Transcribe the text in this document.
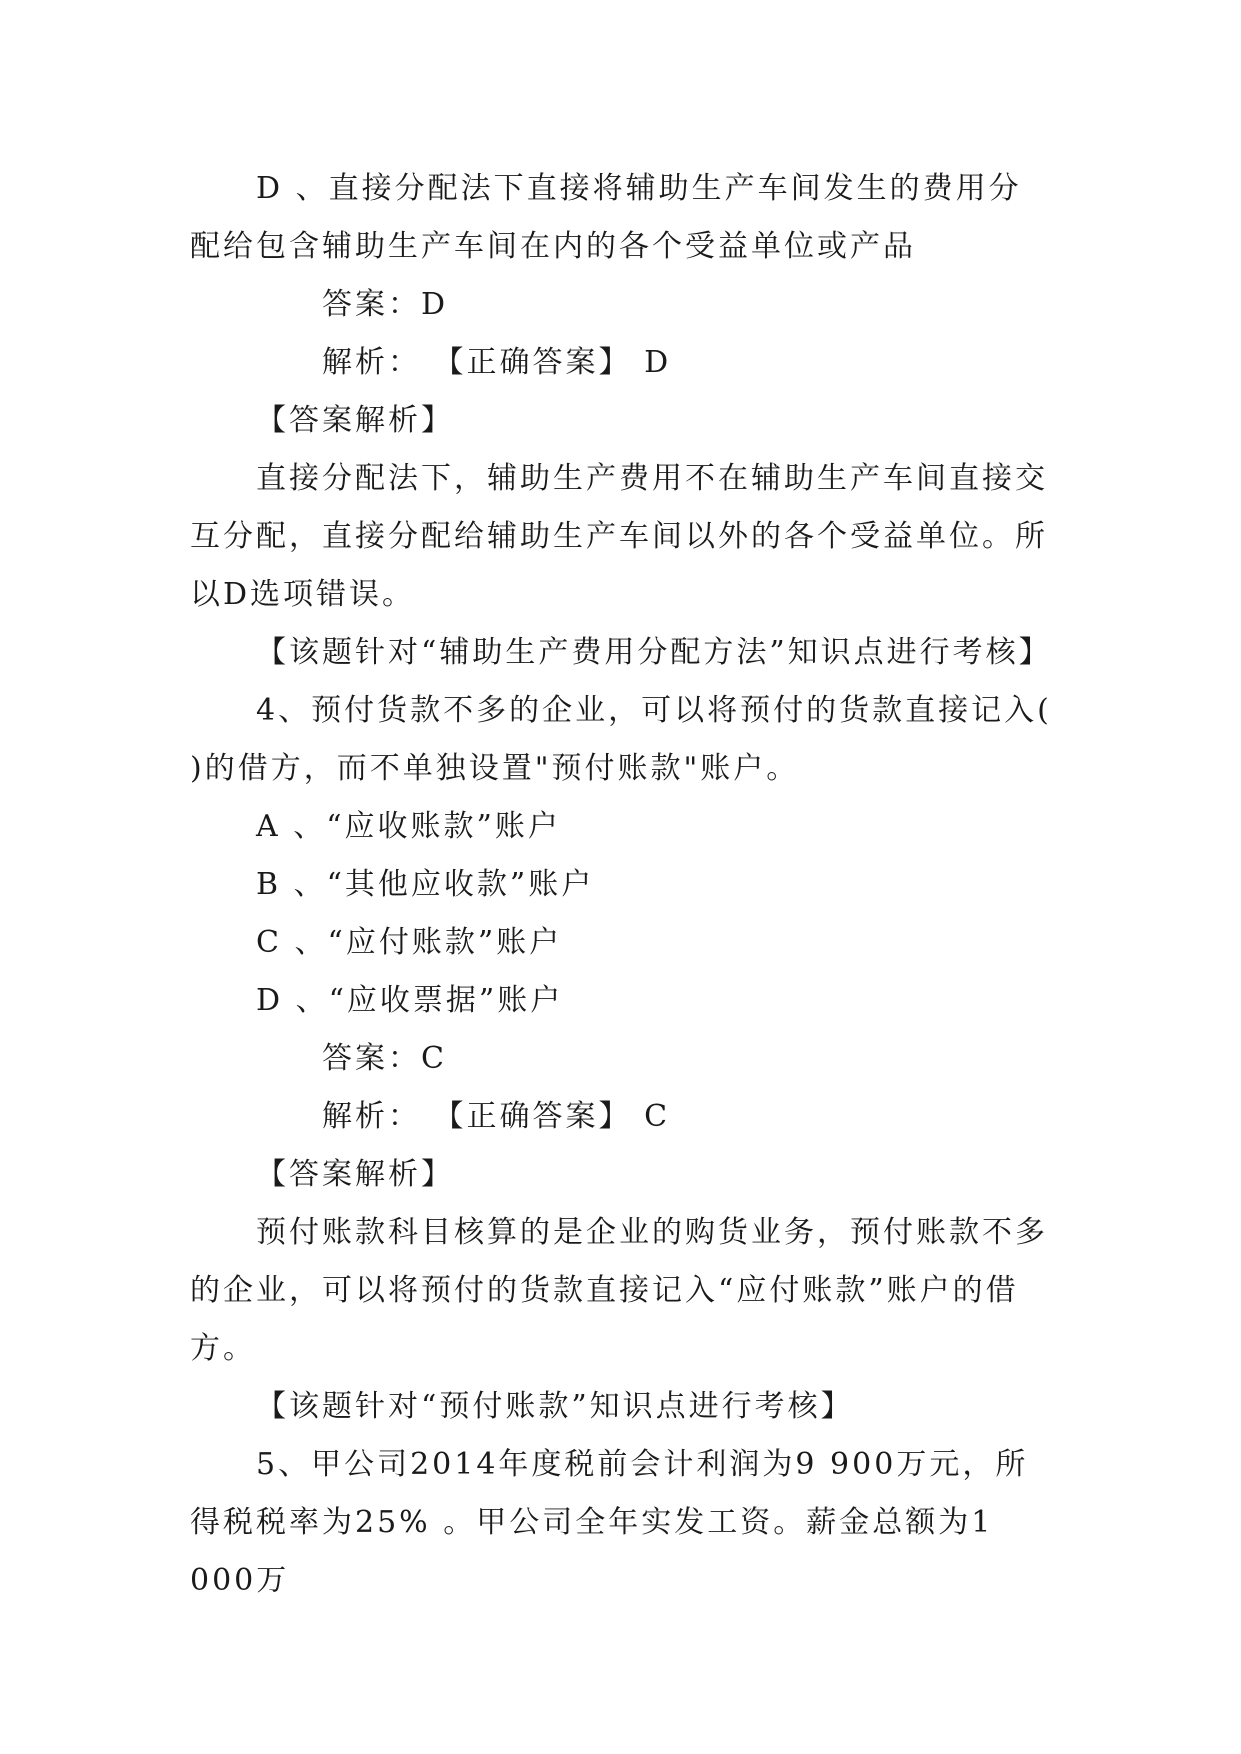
D 、直接分配法下直接将辅助生产车间发生的费用分配给包含辅助生产车间在内的各个受益单位或产品

答案：D

解析： 【正确答案】 D

【答案解析】

直接分配法下，辅助生产费用不在辅助生产车间直接交互分配，直接分配给辅助生产车间以外的各个受益单位。所以D选项错误。

【该题针对“辅助生产费用分配方法”知识点进行考核】

4、预付货款不多的企业，可以将预付的货款直接记入( )的借方，而不单独设置"预付账款"账户。

A 、“应收账款”账户

B 、“其他应收款”账户

C 、“应付账款”账户

D 、“应收票据”账户

答案：C

解析： 【正确答案】 C

【答案解析】

预付账款科目核算的是企业的购货业务，预付账款不多的企业，可以将预付的货款直接记入“应付账款”账户的借方。

【该题针对“预付账款”知识点进行考核】

5、甲公司2014年度税前会计利润为9 900万元，所得税税率为25% 。甲公司全年实发工资。薪金总额为1 000万
